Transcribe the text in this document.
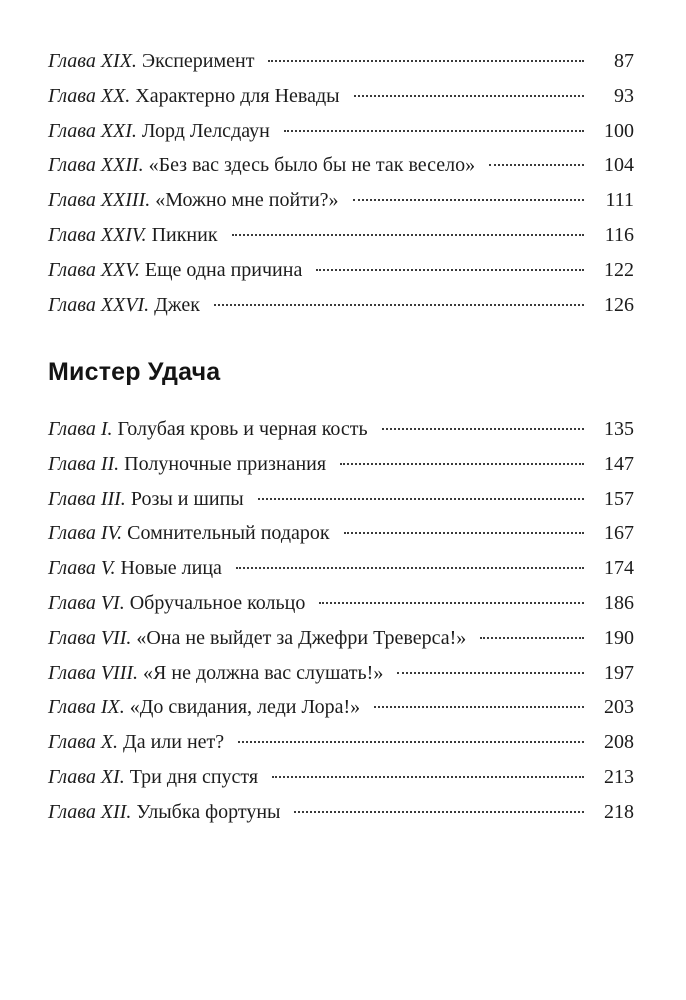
Глава XIX. Эксперимент	87
Глава XX. Характерно для Невады	93
Глава XXI. Лорд Лелсдаун	100
Глава XXII. «Без вас здесь было бы не так весело»	104
Глава XXIII. «Можно мне пойти?»	111
Глава XXIV. Пикник	116
Глава XXV. Еще одна причина	122
Глава XXVI. Джек	126
Мистер Удача
Глава I. Голубая кровь и черная кость	135
Глава II. Полуночные признания	147
Глава III. Розы и шипы	157
Глава IV. Сомнительный подарок	167
Глава V. Новые лица	174
Глава VI. Обручальное кольцо	186
Глава VII. «Она не выйдет за Джефри Треверса!»	190
Глава VIII. «Я не должна вас слушать!»	197
Глава IX. «До свидания, леди Лора!»	203
Глава X. Да или нет?	208
Глава XI. Три дня спустя	213
Глава XII. Улыбка фортуны	218
